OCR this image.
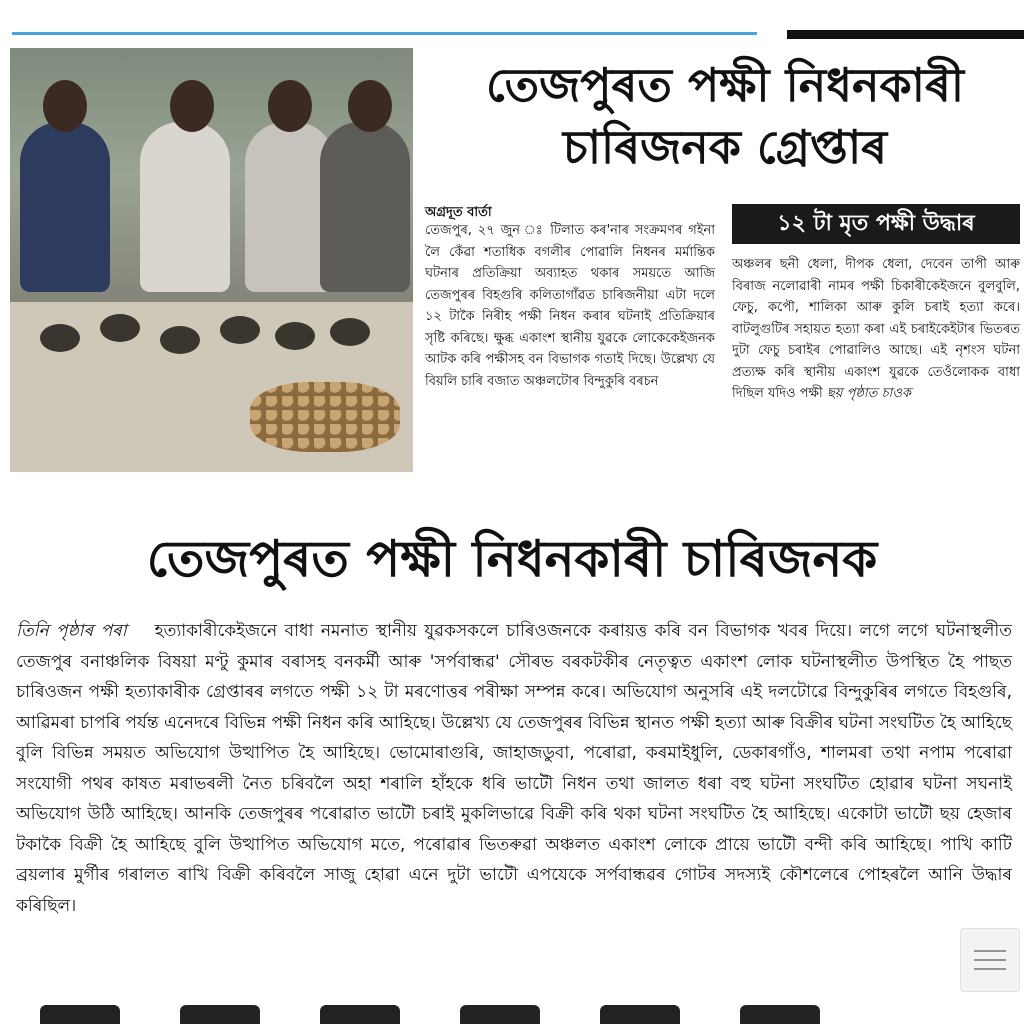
তেজপুৰত পক্ষী নিধনকাৰী চাৰিজনক গ্ৰেপ্তাৰ
অগ্ৰদূত বাৰ্তা
তেজপুৰ, ২৭ জুন ঃ টিলাত কৰ'নাৰ সংক্ৰমণৰ গইনা লৈ কেঁৱা শতাধিক বগলীৰ পোৱালি নিধনৰ মৰ্মান্তিক ঘটনাৰ প্ৰতিক্ৰিয়া অব্যাহত থকাৰ সময়তে আজি তেজপুৰৰ বিহগুৰি কলিতাগাঁৱত চাৰিজনীয়া এটা দলে ১২ টাকৈ নিৰীহ পক্ষী নিধন কৰাৰ ঘটনাই প্ৰতিক্ৰিয়াৰ সৃষ্টি কৰিছে। ক্ষুব্ধ একাংশ স্থানীয় যুৱকে লোকেকেইজনক আটক কৰি পক্ষীসহ বন বিভাগক গতাই দিছে। উল্লেখ্য যে বিয়লি চাৰি বজাত অঞ্চলটোৰ বিন্দুকুৰি বৰচন
১২ টা মৃত পক্ষী উদ্ধাৰ
অঞ্চলৰ ছনী ধেলা, দীপক ধেলা, দেবেন তাপী আৰু বিৰাজ নলোৱাৰী নামৰ পক্ষী চিকাৰীকেইজনে বুলবুলি, ফেচু, কপৌ, শালিকা আৰু কুলি চৰাই হত্যা কৰে। বাটলুগুটিৰ সহায়ত হত্যা কৰা এই চৰাইকেইটাৰ ভিতৰত দুটা ফেচু চৰাইৰ পোৱালিও আছে। এই নৃশংস ঘটনা প্ৰত্যক্ষ কৰি স্থানীয় একাংশ যুৱকে তেওঁলোকক বাধা দিছিল যদিও পক্ষী ছয় পৃষ্ঠাত চাওক
তেজপুৰত পক্ষী নিধনকাৰী চাৰিজনক
তিনি পৃষ্ঠাৰ পৰা হত্যাকাৰীকেইজনে বাধা নমনাত স্থানীয় যুৱকসকলে চাৰিওজনকে কৰায়ত্ত কৰি বন বিভাগক খবৰ দিয়ে। লগে লগে ঘটনাস্থলীত তেজপুৰ বনাঞ্চলিক বিষয়া মণ্টু কুমাৰ বৰাসহ বনকৰ্মী আৰু 'সৰ্পবান্ধৱ' সৌৰভ বৰকটকীৰ নেতৃত্বত একাংশ লোক ঘটনাস্থলীত উপস্থিত হৈ পাছত চাৰিওজন পক্ষী হত্যাকাৰীক গ্ৰেপ্তাৰৰ লগতে পক্ষী ১২ টা মৰণোত্তৰ পৰীক্ষা সম্পন্ন কৰে। অভিযোগ অনুসৰি এই দলটোৱে বিন্দুকুৰিৰ লগতে বিহগুৰি, আৱিমৰা চাপৰি পৰ্যন্ত এনেদৰে বিভিন্ন পক্ষী নিধন কৰি আহিছে। উল্লেখ্য যে তেজপুৰৰ বিভিন্ন স্থানত পক্ষী হত্যা আৰু বিক্ৰীৰ ঘটনা সংঘটিত হৈ আহিছে বুলি বিভিন্ন সময়ত অভিযোগ উত্থাপিত হৈ আহিছে। ভোমোৰাগুৰি, জাহাজডুবা, পৰোৱা, কৰমাইধুলি, ডেকাৰগাঁও, শালমৰা তথা নপাম পৰোৱা সংযোগী পথৰ কাষত মৰাভৰলী নৈত চৰিবলৈ অহা শৰালি হাঁহকে ধৰি ভাটৌ নিধন তথা জালত ধৰা বহু ঘটনা সংঘটিত হোৱাৰ ঘটনা সঘনাই অভিযোগ উঠি আহিছে। আনকি তেজপুৰৰ পৰোৱাত ভাটৌ চৰাই মুকলিভাৱে বিক্ৰী কৰি থকা ঘটনা সংঘটিত হৈ আহিছে। একোটা ভাটৌ ছয় হেজাৰ টকাকৈ বিক্ৰী হৈ আহিছে বুলি উত্থাপিত অভিযোগ মতে, পৰোৱাৰ ভিতৰুৱা অঞ্চলত একাংশ লোকে প্ৰায়ে ভাটৌ বন্দী কৰি আহিছে। পাখি কাটি ব্ৰয়লাৰ মুৰ্গীৰ গৰালত ৰাখি বিক্ৰী কৰিবলৈ সাজু হোৱা এনে দুটা ভাটৌ এপযেকে সৰ্পবান্ধৱৰ গোটৰ সদস্যই কৌশলেৰে পোহৰলৈ আনি উদ্ধাৰ কৰিছিল।
